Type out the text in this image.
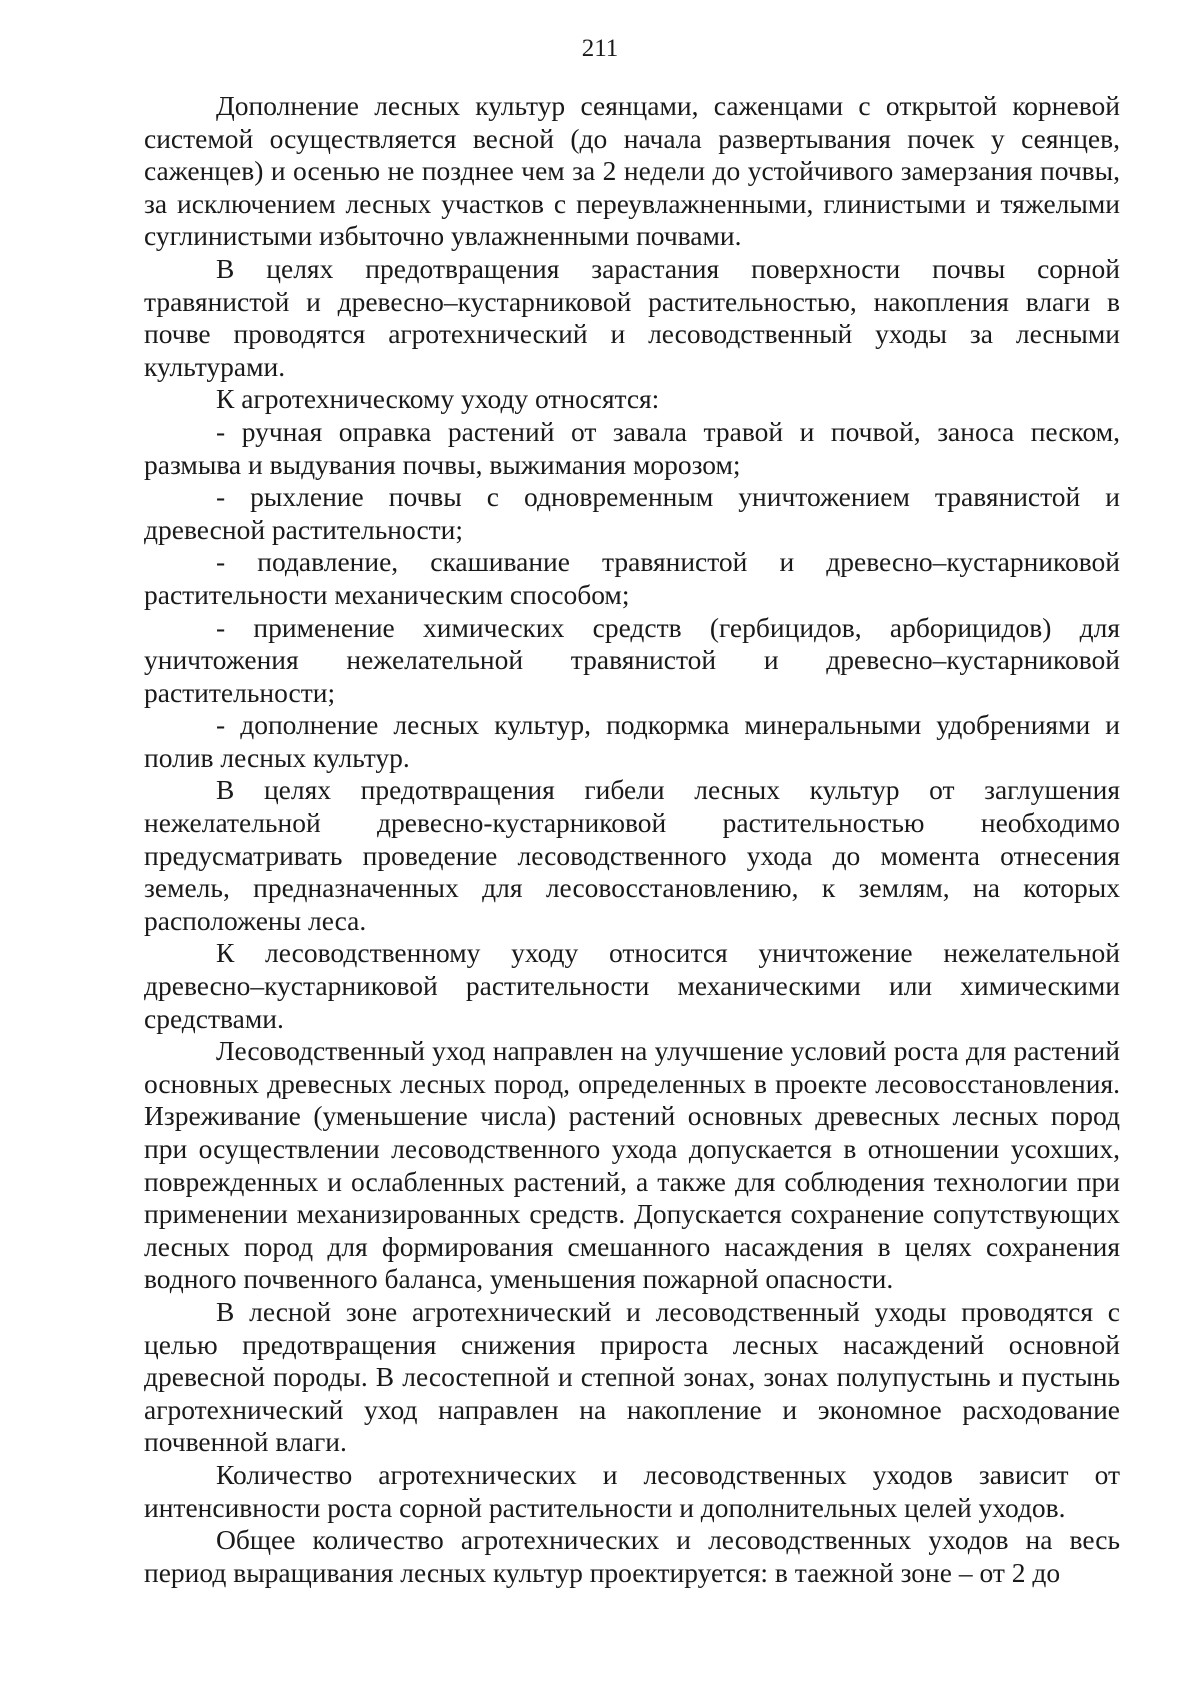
211

Дополнение лесных культур сеянцами, саженцами с открытой корневой системой осуществляется весной (до начала развертывания почек у сеянцев, саженцев) и осенью не позднее чем за 2 недели до устойчивого замерзания почвы, за исключением лесных участков с переувлажненными, глинистыми и тяжелыми суглинистыми избыточно увлажненными почвами.

В целях предотвращения зарастания поверхности почвы сорной травянистой и древесно–кустарниковой растительностью, накопления влаги в почве проводятся агротехнический и лесоводственный уходы за лесными культурами.

К агротехническому уходу относятся:

- ручная оправка растений от завала травой и почвой, заноса песком, размыва и выдувания почвы, выжимания морозом;

- рыхление почвы с одновременным уничтожением травянистой и древесной растительности;

- подавление, скашивание травянистой и древесно–кустарниковой растительности механическим способом;

- применение химических средств (гербицидов, арборицидов) для уничтожения нежелательной травянистой и древесно–кустарниковой растительности;

- дополнение лесных культур, подкормка минеральными удобрениями и полив лесных культур.

В целях предотвращения гибели лесных культур от заглушения нежелательной древесно-кустарниковой растительностью необходимо предусматривать проведение лесоводственного ухода до момента отнесения земель, предназначенных для лесовосстановлению, к землям, на которых расположены леса.

К лесоводственному уходу относится уничтожение нежелательной древесно–кустарниковой растительности механическими или химическими средствами.

Лесоводственный уход направлен на улучшение условий роста для растений основных древесных лесных пород, определенных в проекте лесовосстановления. Изреживание (уменьшение числа) растений основных древесных лесных пород при осуществлении лесоводственного ухода допускается в отношении усохших, поврежденных и ослабленных растений, а также для соблюдения технологии при применении механизированных средств. Допускается сохранение сопутствующих лесных пород для формирования смешанного насаждения в целях сохранения водного почвенного баланса, уменьшения пожарной опасности.

В лесной зоне агротехнический и лесоводственный уходы проводятся с целью предотвращения снижения прироста лесных насаждений основной древесной породы. В лесостепной и степной зонах, зонах полупустынь и пустынь агротехнический уход направлен на накопление и экономное расходование почвенной влаги.

Количество агротехнических и лесоводственных уходов зависит от интенсивности роста сорной растительности и дополнительных целей уходов.

Общее количество агротехнических и лесоводственных уходов на весь период выращивания лесных культур проектируется: в таежной зоне – от 2 до
